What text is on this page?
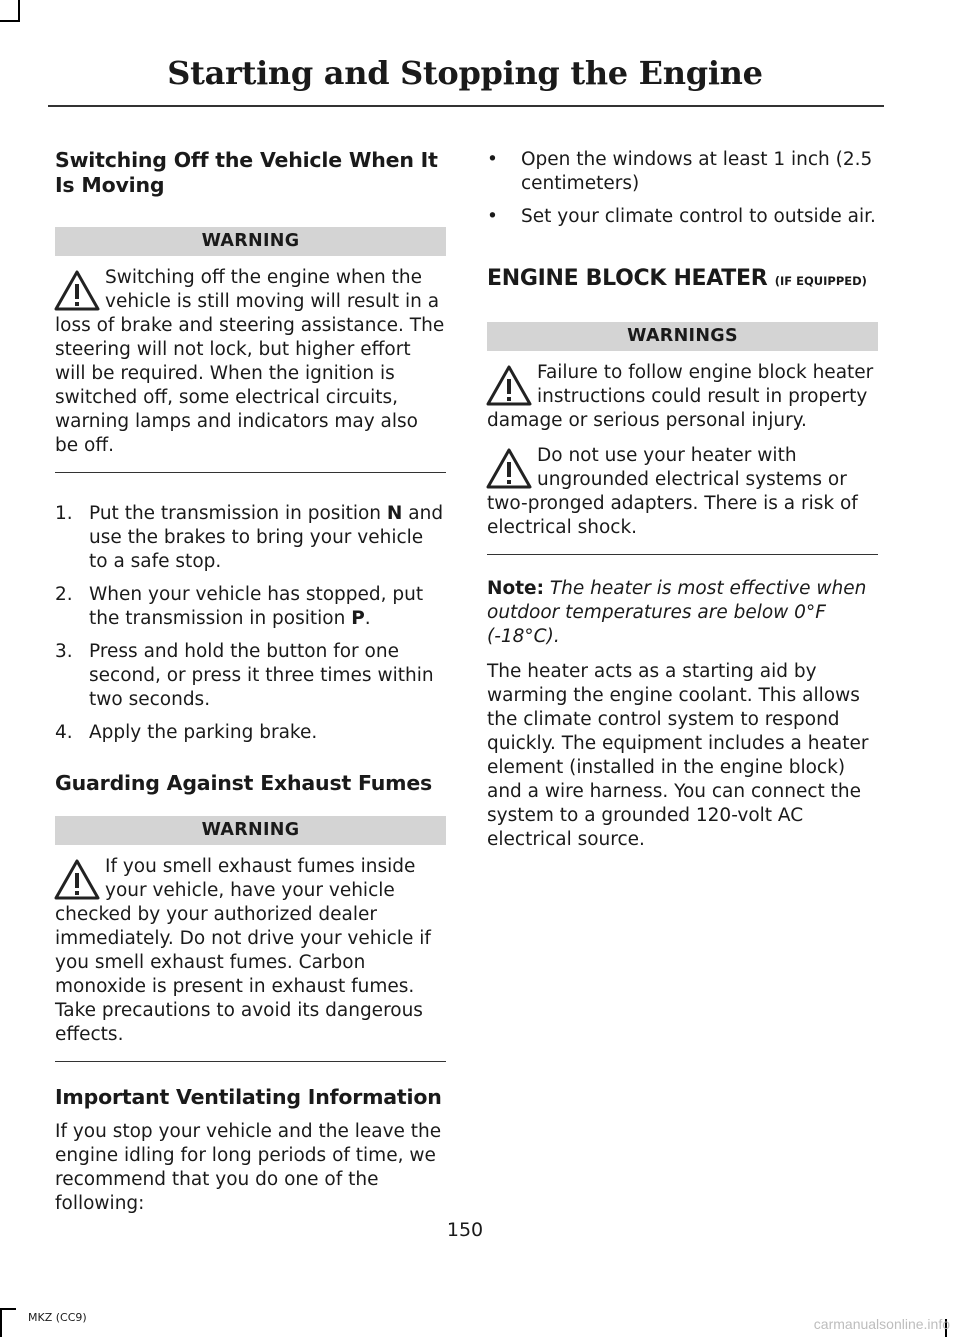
Starting and Stopping the Engine
Switching Off the Vehicle When It Is Moving
WARNING
Switching off the engine when the vehicle is still moving will result in a loss of brake and steering assistance. The steering will not lock, but higher effort will be required. When the ignition is switched off, some electrical circuits, warning lamps and indicators may also be off.
1. Put the transmission in position N and use the brakes to bring your vehicle to a safe stop.
2. When your vehicle has stopped, put the transmission in position P.
3. Press and hold the button for one second, or press it three times within two seconds.
4. Apply the parking brake.
Guarding Against Exhaust Fumes
WARNING
If you smell exhaust fumes inside your vehicle, have your vehicle checked by your authorized dealer immediately. Do not drive your vehicle if you smell exhaust fumes. Carbon monoxide is present in exhaust fumes. Take precautions to avoid its dangerous effects.
Important Ventilating Information

If you stop your vehicle and the leave the engine idling for long periods of time, we recommend that you do one of the following:

• Open the windows at least 1 inch (2.5 centimeters)
• Set your climate control to outside air.
ENGINE BLOCK HEATER (IF EQUIPPED)
WARNINGS
Failure to follow engine block heater instructions could result in property damage or serious personal injury.
Do not use your heater with ungrounded electrical systems or two-pronged adapters. There is a risk of electrical shock.

Note: The heater is most effective when outdoor temperatures are below 0°F (-18°C).

The heater acts as a starting aid by warming the engine coolant. This allows the climate control system to respond quickly. The equipment includes a heater element (installed in the engine block) and a wire harness. You can connect the system to a grounded 120-volt AC electrical source.

150
MKZ (CC9)	carmanualsonline.info
